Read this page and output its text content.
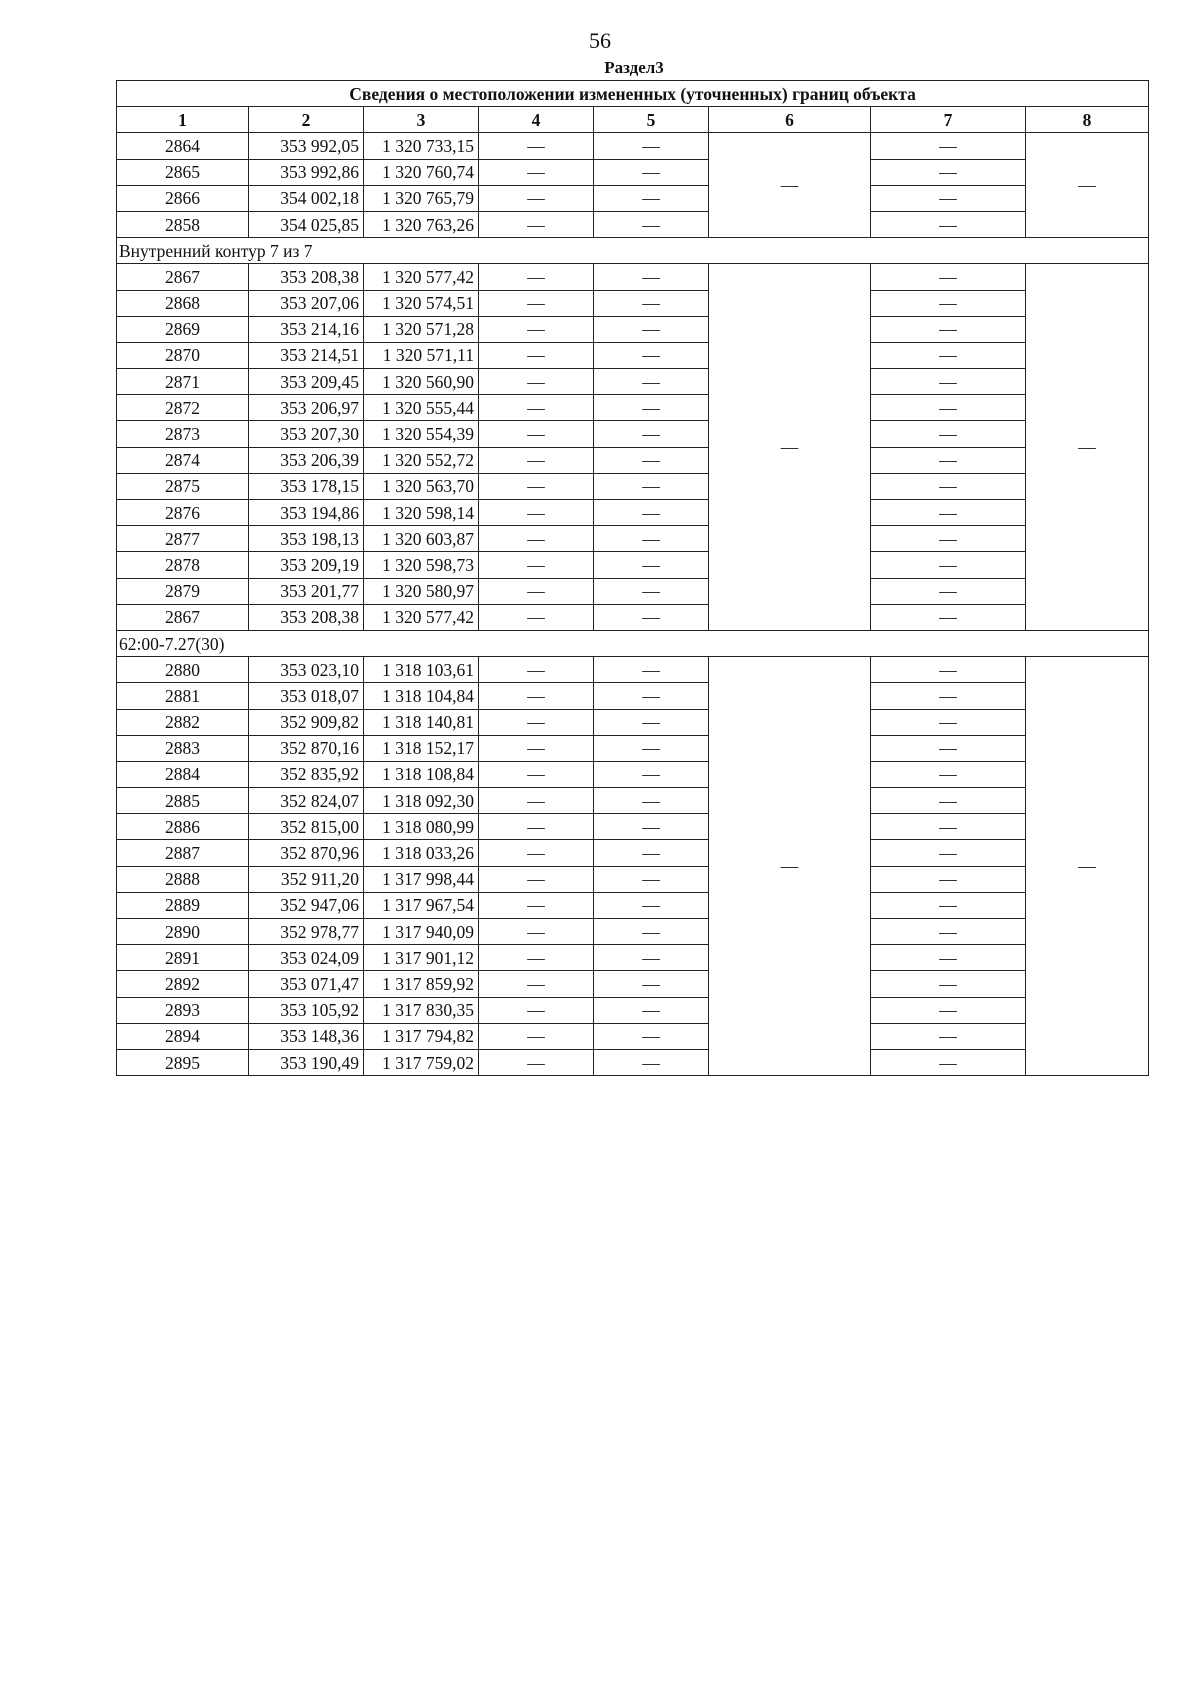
56
Раздел3
Сведения о местоположении измененных (уточненных) границ объекта							
1	2	3	4	5	6	7	8
2864	353 992,05	1 320 733,15	—	—	—	—	—
2865	353 992,86	1 320 760,74	—	—		—	
2866	354 002,18	1 320 765,79	—	—		—	
2858	354 025,85	1 320 763,26	—	—		—	
Внутренний контур 7 из 7							
2867	353 208,38	1 320 577,42	—	—	—	—	—
2868	353 207,06	1 320 574,51	—	—		—	
2869	353 214,16	1 320 571,28	—	—		—	
2870	353 214,51	1 320 571,11	—	—		—	
2871	353 209,45	1 320 560,90	—	—		—	
2872	353 206,97	1 320 555,44	—	—		—	
2873	353 207,30	1 320 554,39	—	—		—	
2874	353 206,39	1 320 552,72	—	—		—	
2875	353 178,15	1 320 563,70	—	—		—	
2876	353 194,86	1 320 598,14	—	—		—	
2877	353 198,13	1 320 603,87	—	—		—	
2878	353 209,19	1 320 598,73	—	—		—	
2879	353 201,77	1 320 580,97	—	—		—	
2867	353 208,38	1 320 577,42	—	—		—	
62:00-7.27(30)							
2880	353 023,10	1 318 103,61	—	—	—	—	—
2881	353 018,07	1 318 104,84	—	—		—	
2882	352 909,82	1 318 140,81	—	—		—	
2883	352 870,16	1 318 152,17	—	—		—	
2884	352 835,92	1 318 108,84	—	—		—	
2885	352 824,07	1 318 092,30	—	—		—	
2886	352 815,00	1 318 080,99	—	—		—	
2887	352 870,96	1 318 033,26	—	—		—	
2888	352 911,20	1 317 998,44	—	—		—	
2889	352 947,06	1 317 967,54	—	—		—	
2890	352 978,77	1 317 940,09	—	—		—	
2891	353 024,09	1 317 901,12	—	—		—	
2892	353 071,47	1 317 859,92	—	—		—	
2893	353 105,92	1 317 830,35	—	—		—	
2894	353 148,36	1 317 794,82	—	—		—	
2895	353 190,49	1 317 759,02	—	—		—	
